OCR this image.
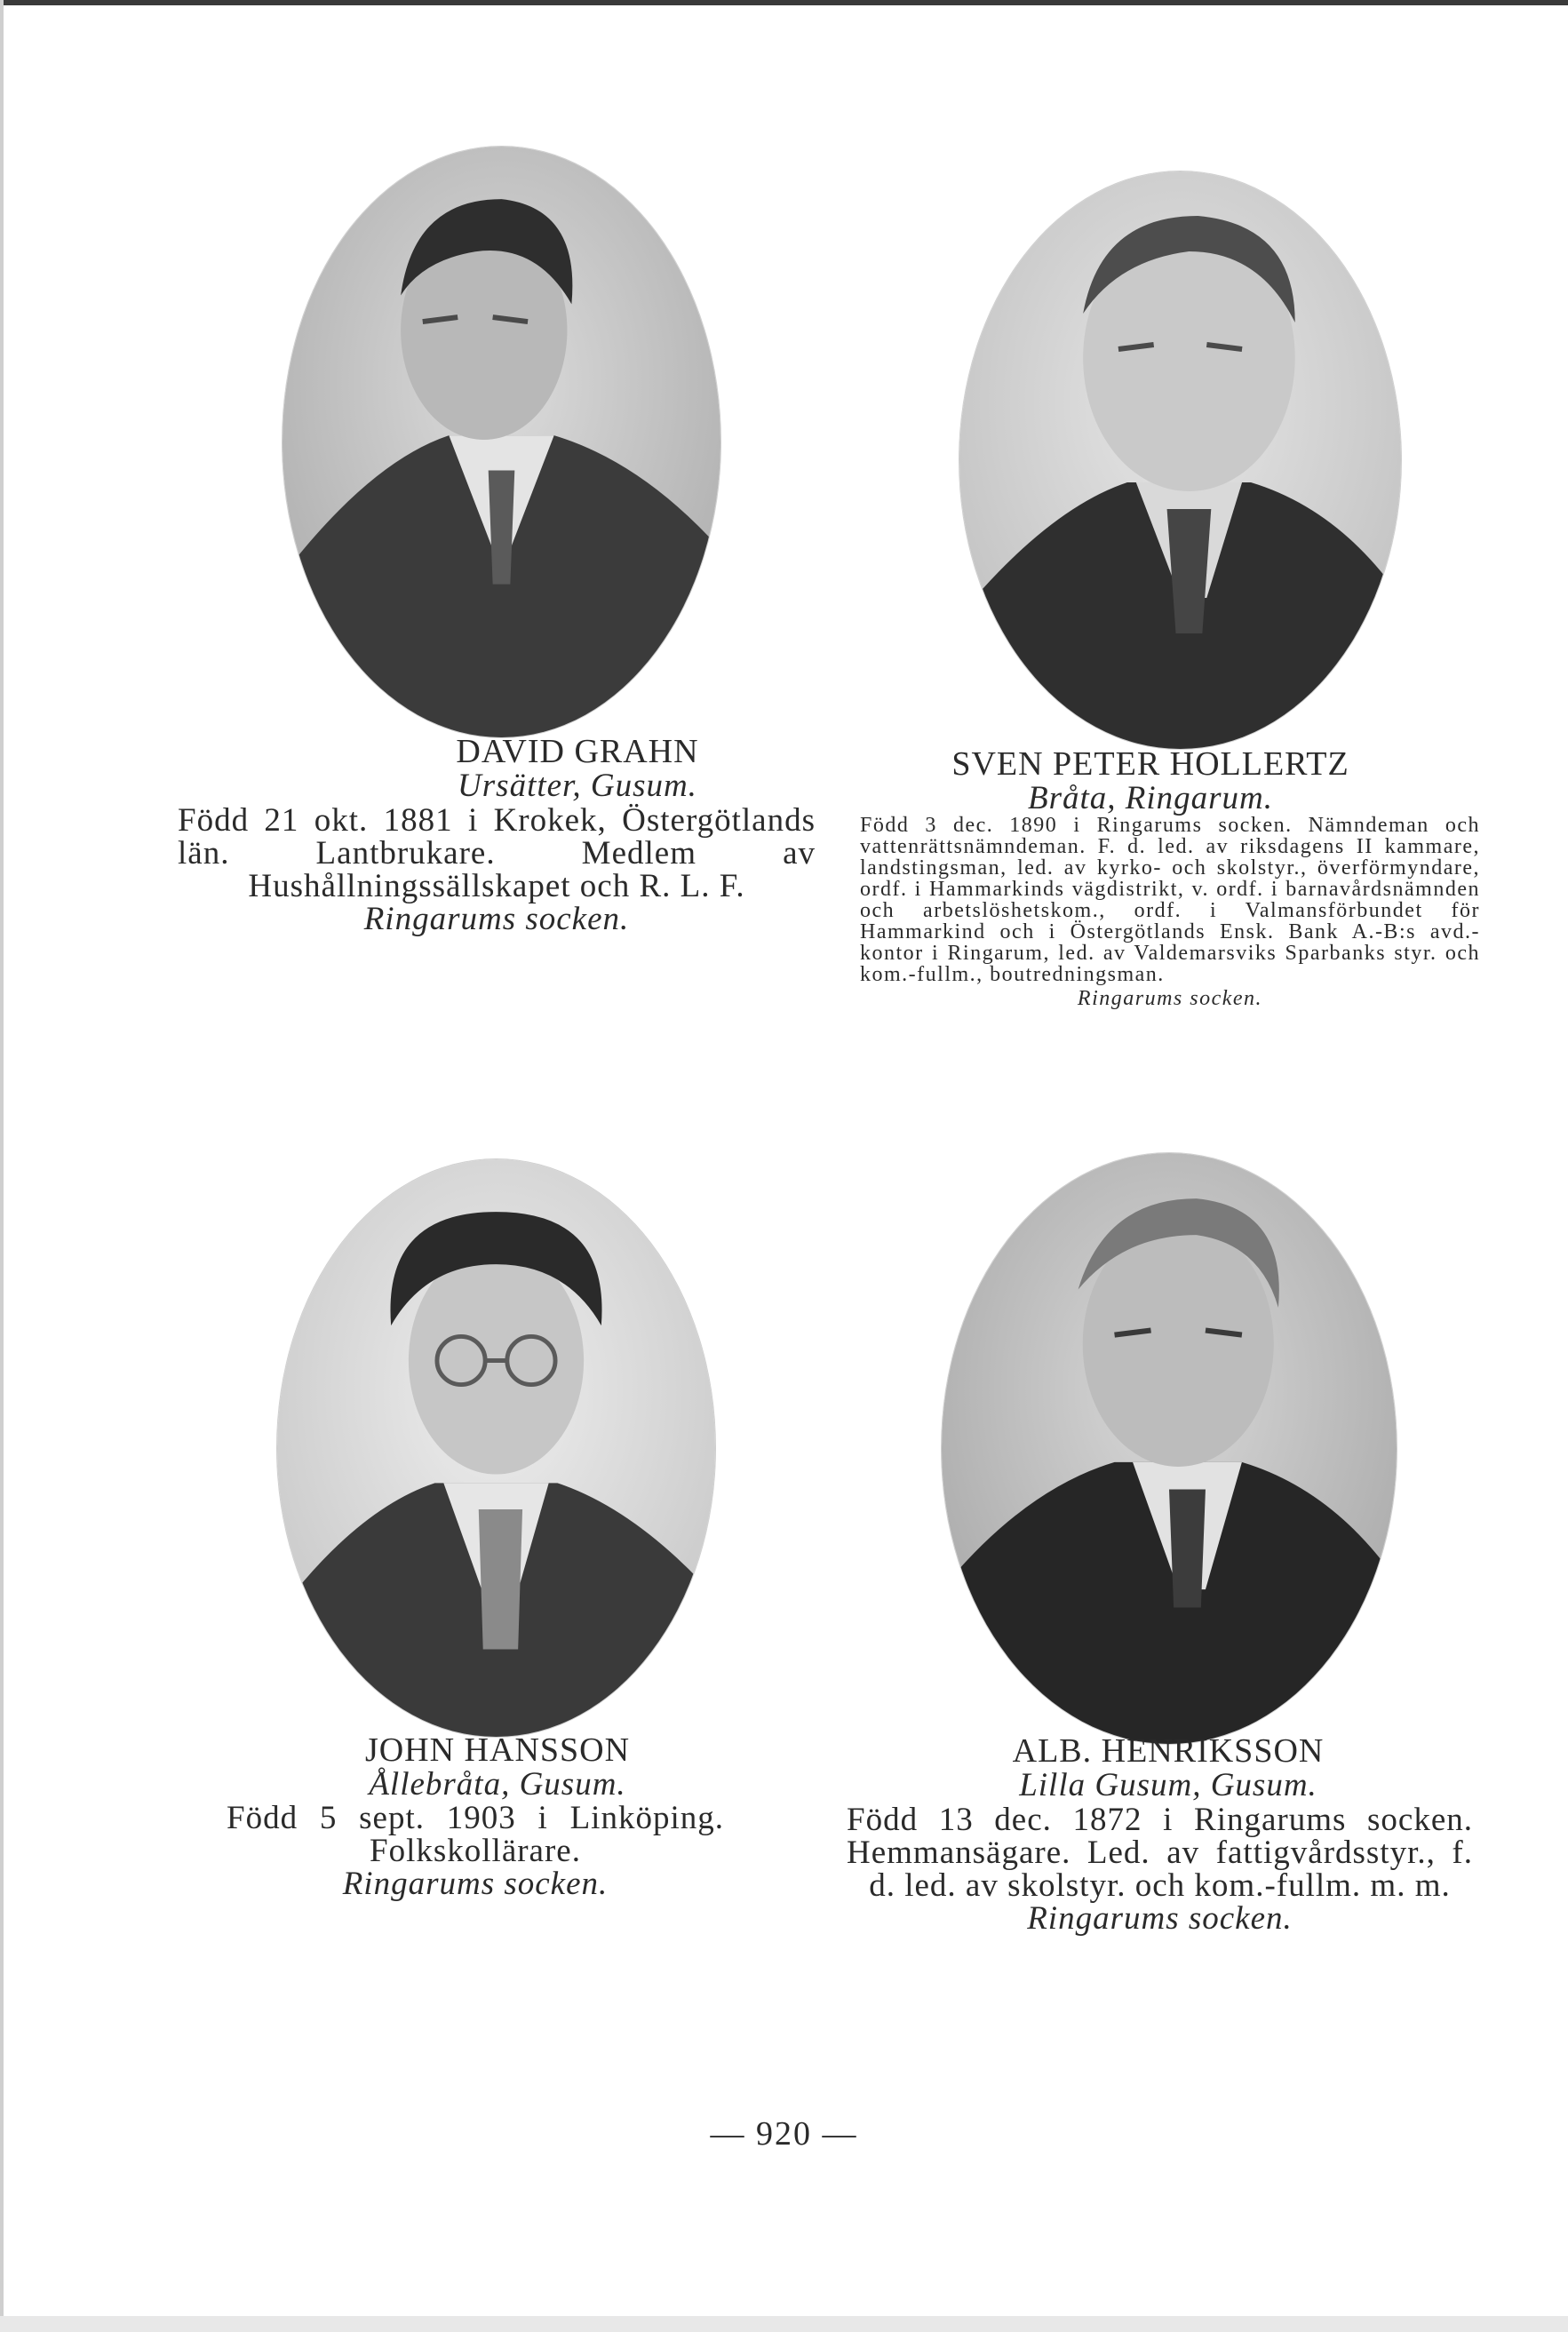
DAVID GRAHN
Ursätter, Gusum.
Född 21 okt. 1881 i Krokek, Östergötlands län. Lantbrukare. Medlem av Hushållningssällskapet och R. L. F.
Ringarums socken.
SVEN PETER HOLLERTZ
Bråta, Ringarum.
Född 3 dec. 1890 i Ringarums socken. Nämndeman och vattenrättsnämndeman. F. d. led. av riksdagens II kammare, landstingsman, led. av kyrko- och skolstyr., överförmyndare, ordf. i Hammarkinds vägdistrikt, v. ordf. i barnavårdsnämnden och arbetslöshetskom., ordf. i Valmansförbundet för Hammarkind och i Östergötlands Ensk. Bank A.-B:s avd.-kontor i Ringarum, led. av Valdemarsviks Sparbanks styr. och kom.-fullm., boutredningsman.
Ringarums socken.
JOHN HANSSON
Ållebråta, Gusum.
Född 5 sept. 1903 i Linköping. Folkskollärare.
Ringarums socken.
ALB. HENRIKSSON
Lilla Gusum, Gusum.
Född 13 dec. 1872 i Ringarums socken. Hemmansägare. Led. av fattigvårdsstyr., f. d. led. av skolstyr. och kom.-fullm. m. m.
Ringarums socken.
— 920 —
